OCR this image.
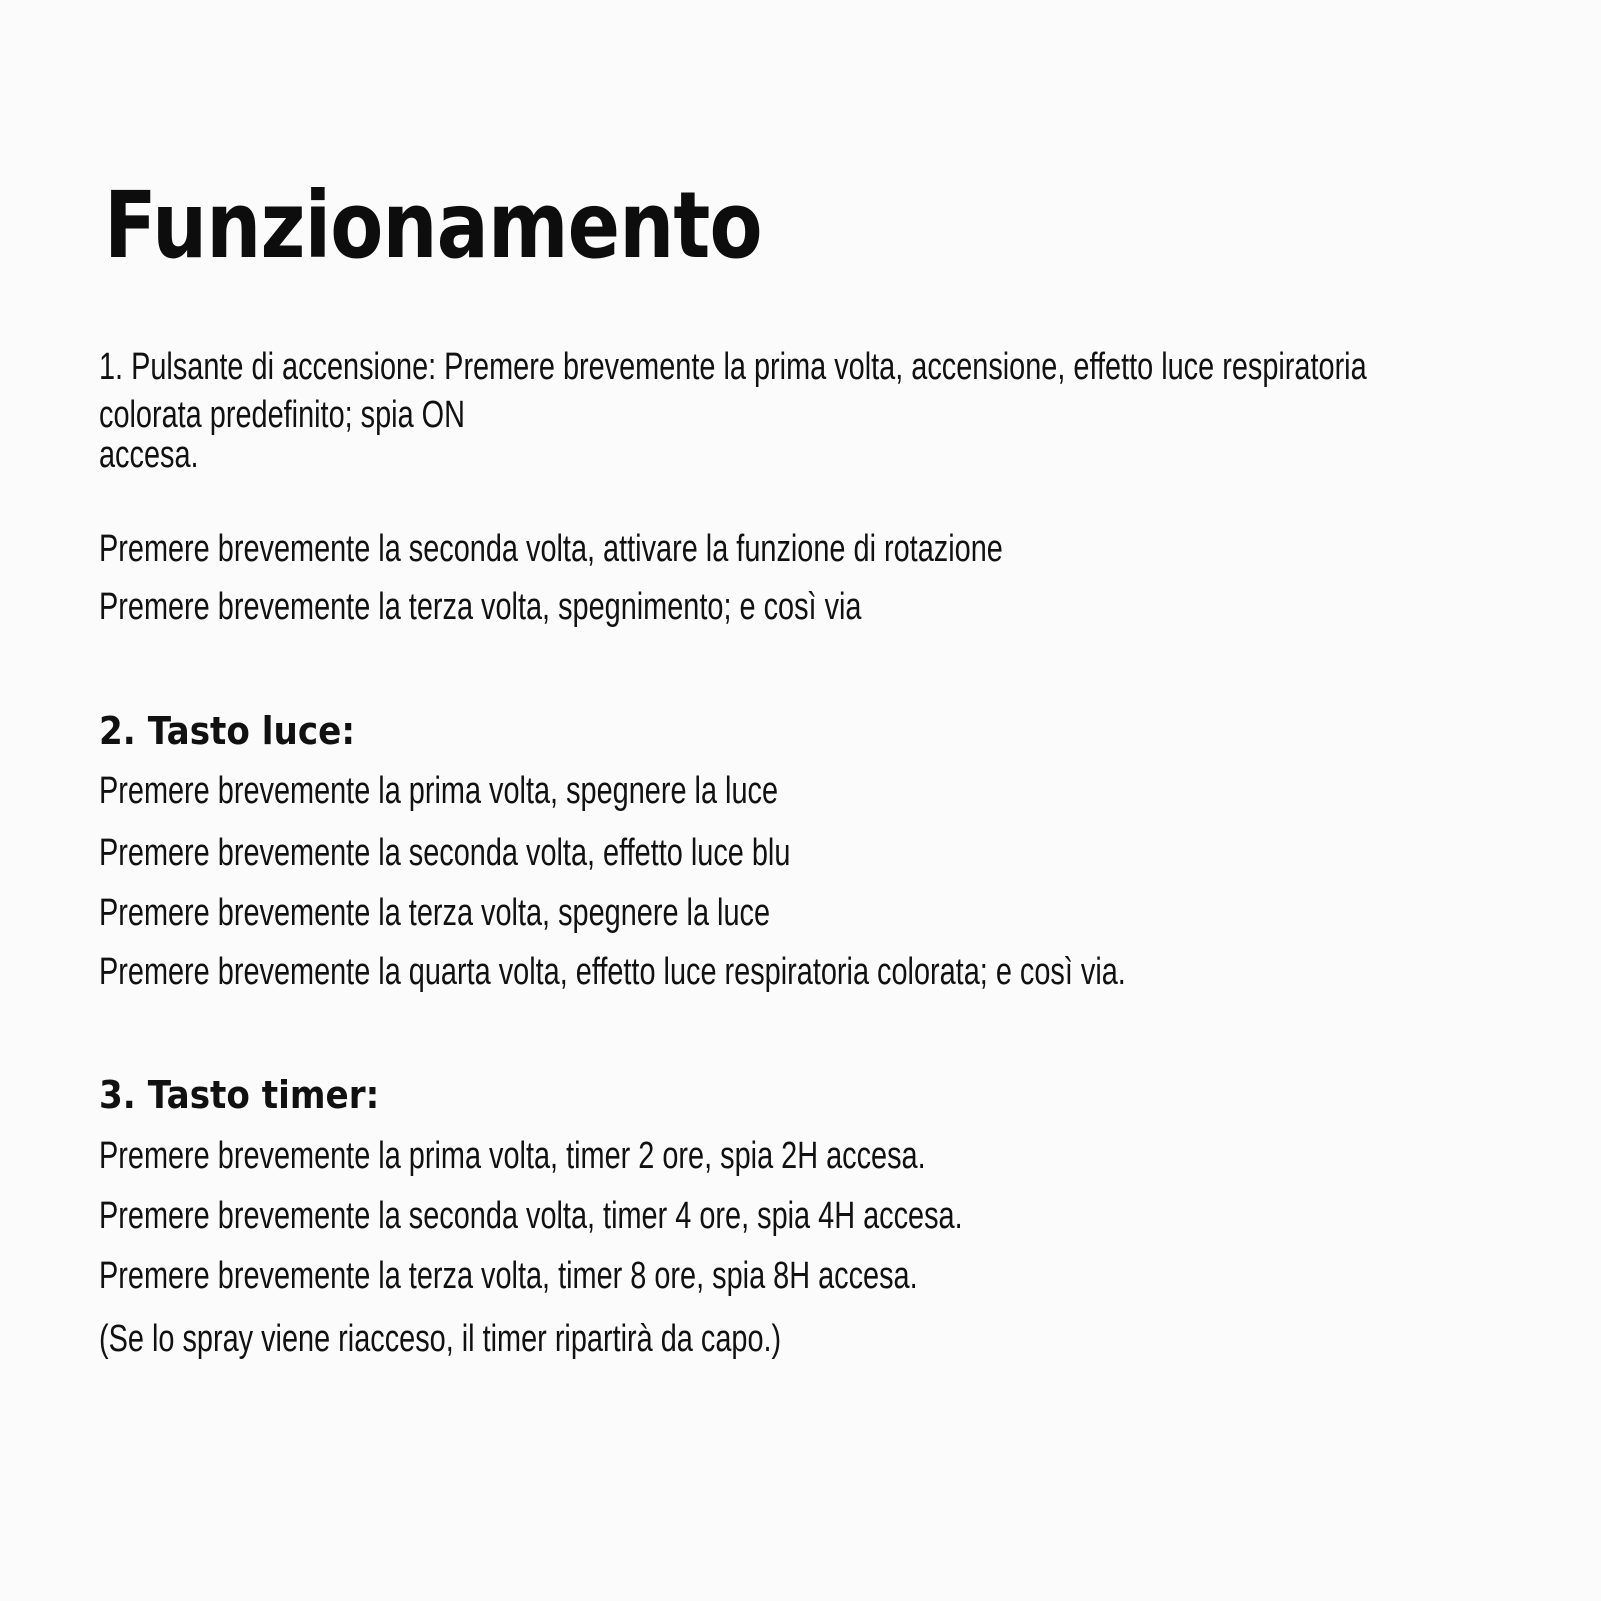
Funzionamento
1. Pulsante di accensione: Premere brevemente la prima volta, accensione, effetto luce respiratoria
colorata predefinito; spia ON
accesa.
Premere brevemente la seconda volta, attivare la funzione di rotazione
Premere brevemente la terza volta, spegnimento; e così via
2. Tasto luce:
Premere brevemente la prima volta, spegnere la luce
Premere brevemente la seconda volta, effetto luce blu
Premere brevemente la terza volta, spegnere la luce
Premere brevemente la quarta volta, effetto luce respiratoria colorata; e così via.
3. Tasto timer:
Premere brevemente la prima volta, timer 2 ore, spia 2H accesa.
Premere brevemente la seconda volta, timer 4 ore, spia 4H accesa.
Premere brevemente la terza volta, timer 8 ore, spia 8H accesa.
(Se lo spray viene riacceso, il timer ripartirà da capo.)
